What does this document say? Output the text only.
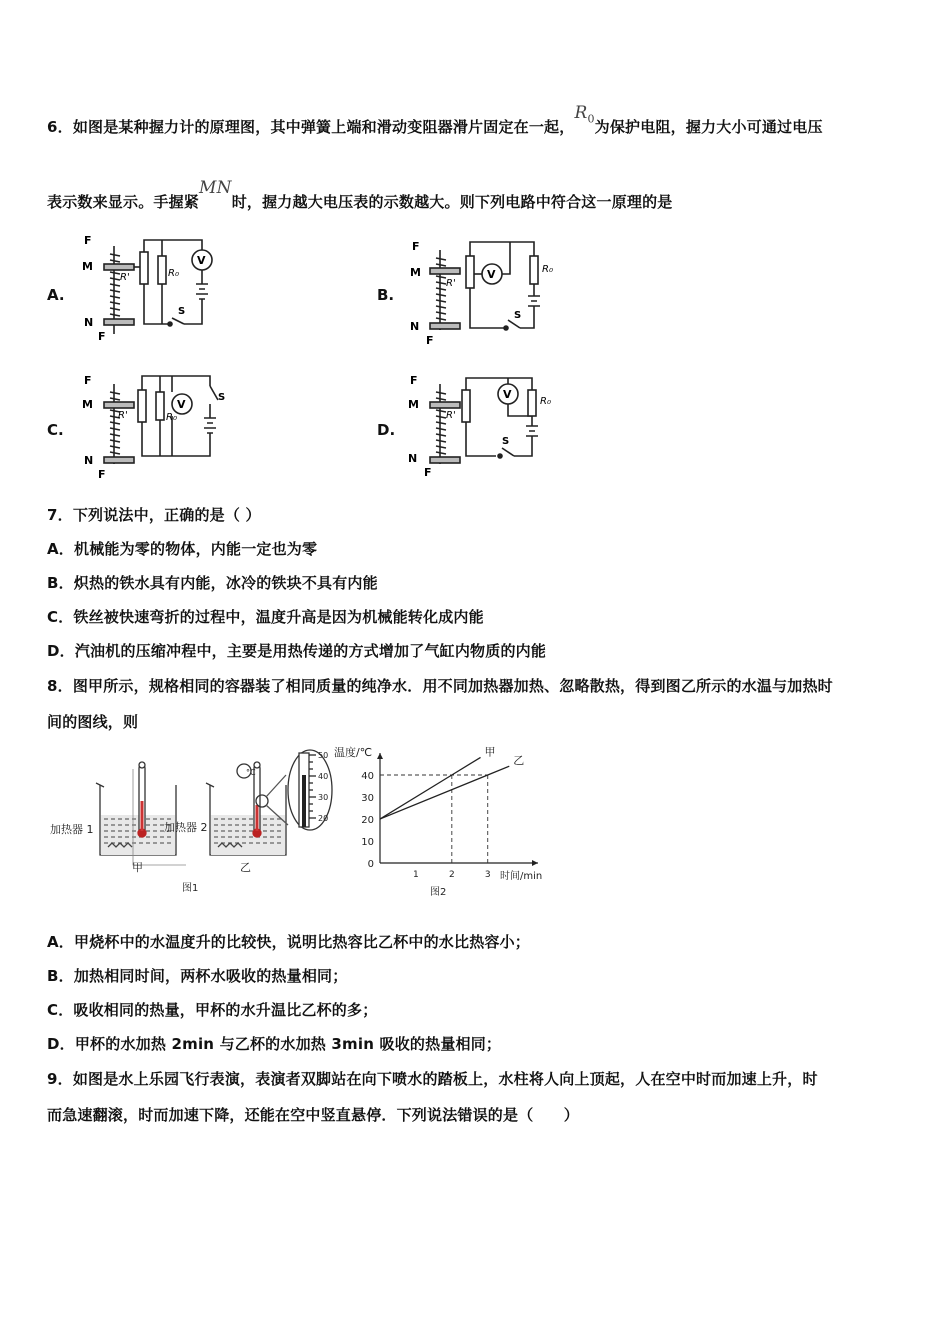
6．如图是某种握力计的原理图，其中弹簧上端和滑动变阻器滑片固定在一起，$R_0$为保护电阻，握力大小可通过电压
表示数来显示。手握紧MN时，握力越大电压表的示数越大。则下列电路中符合这一原理的是
A.	B.
C.	D.
F
M
R'	R₀
V
S
N
F
F
M
R'
V	R₀
S
N
F
F
M
R'	R₀
V
S
N
F
F
M
R'
V
R₀
S
N
F
7．下列说法中，正确的是（ ）
A．机械能为零的物体，内能一定也为零
B．炽热的铁水具有内能，冰冷的铁块不具有内能
C．铁丝被快速弯折的过程中，温度升高是因为机械能转化成内能
D．汽油机的压缩冲程中，主要是用热传递的方式增加了气缸内物质的内能
8．图甲所示，规格相同的容器装了相同质量的纯净水．用不同加热器加热、忽略散热，得到图乙所示的水温与加热时
间的图线，则
°C
50
40
30
20
加热器 1	加热器 2
甲	乙
图1
0
10
20
30
40
1	2	3
甲
乙
温度/℃
时间/min
图2
A．甲烧杯中的水温度升的比较快，说明比热容比乙杯中的水比热容小；
B．加热相同时间，两杯水吸收的热量相同；
C．吸收相同的热量，甲杯的水升温比乙杯的多；
D．甲杯的水加热 2min 与乙杯的水加热 3min 吸收的热量相同；
9．如图是水上乐园飞行表演，表演者双脚站在向下喷水的踏板上，水柱将人向上顶起，人在空中时而加速上升，时
而急速翻滚，时而加速下降，还能在空中竖直悬停．下列说法错误的是（　　）
